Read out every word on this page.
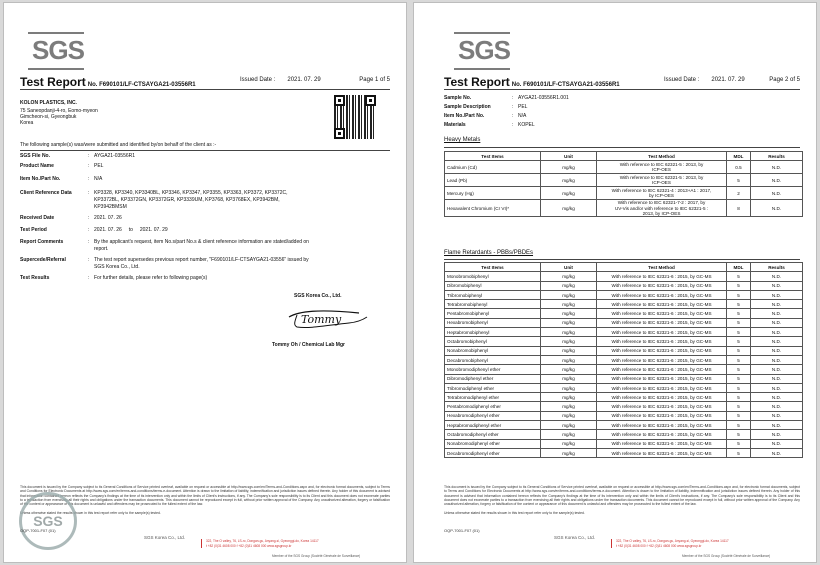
SGS
Test Report No. F690101/LF-CTSAYGA21-03556R1
Issued Date : 2021. 07. 29	Page 1 of 5
KOLON PLASTICS, INC.
75 Saneopdanji-4-ro, Eomo-myeon
Gimcheon-si, Gyeongbuk
Korea
The following sample(s) was/were submitted and identified by/on behalf of the client as :-
SGS File No.	: AYGA21-03556R1
Product Name	: PEL
Item No./Part No.	: N/A
Client Reference Data	: KP3328, KP3340, KP3340BL, KP3346, KP3347, KP3355, KP3363, KP3372, KP3372C,
KP3372BL, KP3372GN, KP3372GR, KP3339UM, KP3768, KP3768EX, KP3942BM,
KP3942BMSM
Received Date	: 2021. 07. 26
Test Period	: 2021. 07. 26     to     2021. 07. 29
Report Comments	: By the applicant's request, item No.s/part No.s & client reference information are stated/added on
report.
Supercede/Referral	: The test report supersedes previous report number, "F690101/LF-CTSAYGA21-03556" issued by
SGS Korea Co., Ltd.
Test Results	: For further details, please refer to following page(s)
SGS Korea Co., Ltd.
Tommy
Tommy Oh / Chemical Lab Mgr
This document is issued by the Company subject to its General Conditions of Service printed overleaf, available on request or accessible at http://www.sgs.com/en/Terms-and-Conditions.aspx and, for electronic format documents, subject to Terms and Conditions for Electronic Documents at http://www.sgs.com/en/terms-and-conditions/terms-e-document. Attention is drawn to the limitation of liability, indemnification and jurisdiction issues defined therein. Any holder of this document is advised that information contained hereon reflects the Company's findings at the time of its intervention only and within the limits of Client's instructions, if any. The Company's sole responsibility is to its Client and this document does not exonerate parties to a transaction from exercising all their rights and obligations under the transaction documents. This document cannot be reproduced except in full, without prior written approval of the Company. Any unauthorized alteration, forgery or falsification of the content or appearance of this document is unlawful and offenders may be prosecuted to the fullest extent of the law.
Unless otherwise stated the results shown in this test report refer only to the sample(s) tested.
SGS
OQP-7001-F07 (01)
SGS Korea Co., Ltd.
322, The O valley, 76, LS-ro, Dongan-gu, Anyang-si, Gyeonggi-do, Korea 14117
t +82 (0)31 4608 000 f +82 (0)31 4608 000 www.sgsgroup.kr
Member of the SGS Group (Société Générale de Surveillance)
SGS
Test Report No. F690101/LF-CTSAYGA21-03556R1
Issued Date : 2021. 07. 29	Page 2 of 5
Sample No.	: AYGA21-03556R1.001
Sample Description	: PEL
Item No./Part No.	: N/A
Materials	: KOPEL
Heavy Metals
Test Items	Unit	Test Method	MDL	Results
Cadmium (Cd)	mg/kg	With reference to IEC 62321-5 : 2013, by
ICP-OES	0.5	N.D.
Lead (Pb)	mg/kg	With reference to IEC 62321-5 : 2013, by
ICP-OES	5	N.D.
Mercury (Hg)	mg/kg	With reference to IEC 62321-4 : 2013+A1 : 2017,
by ICP-OES	2	N.D.
Hexavalent Chromium (Cr VI)*	mg/kg	With reference to IEC 62321-7-2 : 2017, by
UV-Vis and/or with reference to IEC 62321-5 :
2013, by ICP-OES	8	N.D.
Flame Retardants - PBBs/PBDEs
Test Items	Unit	Test Method	MDL	Results
Monobromobiphenyl	mg/kg	With reference to IEC 62321-6 : 2015, by GC-MS	5	N.D.
Dibromobiphenyl	mg/kg	With reference to IEC 62321-6 : 2015, by GC-MS	5	N.D.
Tribromobiphenyl	mg/kg	With reference to IEC 62321-6 : 2015, by GC-MS	5	N.D.
Tetrabromobiphenyl	mg/kg	With reference to IEC 62321-6 : 2015, by GC-MS	5	N.D.
Pentabromobiphenyl	mg/kg	With reference to IEC 62321-6 : 2015, by GC-MS	5	N.D.
Hexabromobiphenyl	mg/kg	With reference to IEC 62321-6 : 2015, by GC-MS	5	N.D.
Heptabromobiphenyl	mg/kg	With reference to IEC 62321-6 : 2015, by GC-MS	5	N.D.
Octabromobiphenyl	mg/kg	With reference to IEC 62321-6 : 2015, by GC-MS	5	N.D.
Nonabromobiphenyl	mg/kg	With reference to IEC 62321-6 : 2015, by GC-MS	5	N.D.
Decabromobiphenyl	mg/kg	With reference to IEC 62321-6 : 2015, by GC-MS	5	N.D.
Monobromodiphenyl ether	mg/kg	With reference to IEC 62321-6 : 2015, by GC-MS	5	N.D.
Dibromodiphenyl ether	mg/kg	With reference to IEC 62321-6 : 2015, by GC-MS	5	N.D.
Tribromodiphenyl ether	mg/kg	With reference to IEC 62321-6 : 2015, by GC-MS	5	N.D.
Tetrabromodiphenyl ether	mg/kg	With reference to IEC 62321-6 : 2015, by GC-MS	5	N.D.
Pentabromodiphenyl ether	mg/kg	With reference to IEC 62321-6 : 2015, by GC-MS	5	N.D.
Hexabromodiphenyl ether	mg/kg	With reference to IEC 62321-6 : 2015, by GC-MS	5	N.D.
Heptabromodiphenyl ether	mg/kg	With reference to IEC 62321-6 : 2015, by GC-MS	5	N.D.
Octabromodiphenyl ether	mg/kg	With reference to IEC 62321-6 : 2015, by GC-MS	5	N.D.
Nonabromodiphenyl ether	mg/kg	With reference to IEC 62321-6 : 2015, by GC-MS	5	N.D.
Decabromodiphenyl ether	mg/kg	With reference to IEC 62321-6 : 2015, by GC-MS	5	N.D.
This document is issued by the Company subject to its General Conditions of Service printed overleaf, available on request or accessible at http://www.sgs.com/en/Terms-and-Conditions.aspx and, for electronic format documents, subject to Terms and Conditions for Electronic Documents at http://www.sgs.com/en/terms-and-conditions/terms-e-document. Attention is drawn to the limitation of liability, indemnification and jurisdiction issues defined therein. Any holder of this document is advised that information contained hereon reflects the Company's findings at the time of its intervention only and within the limits of Client's instructions, if any. The Company's sole responsibility is to its Client and this document does not exonerate parties to a transaction from exercising all their rights and obligations under the transaction documents. This document cannot be reproduced except in full, without prior written approval of the Company. Any unauthorized alteration, forgery or falsification of the content or appearance of this document is unlawful and offenders may be prosecuted to the fullest extent of the law.
Unless otherwise stated the results shown in this test report refer only to the sample(s) tested.
OQP-7001-F07 (01)
SGS Korea Co., Ltd.
322, The O valley, 76, LS-ro, Dongan-gu, Anyang-si, Gyeonggi-do, Korea 14117
t +82 (0)31 4608 000 f +82 (0)31 4608 000 www.sgsgroup.kr
Member of the SGS Group (Société Générale de Surveillance)
